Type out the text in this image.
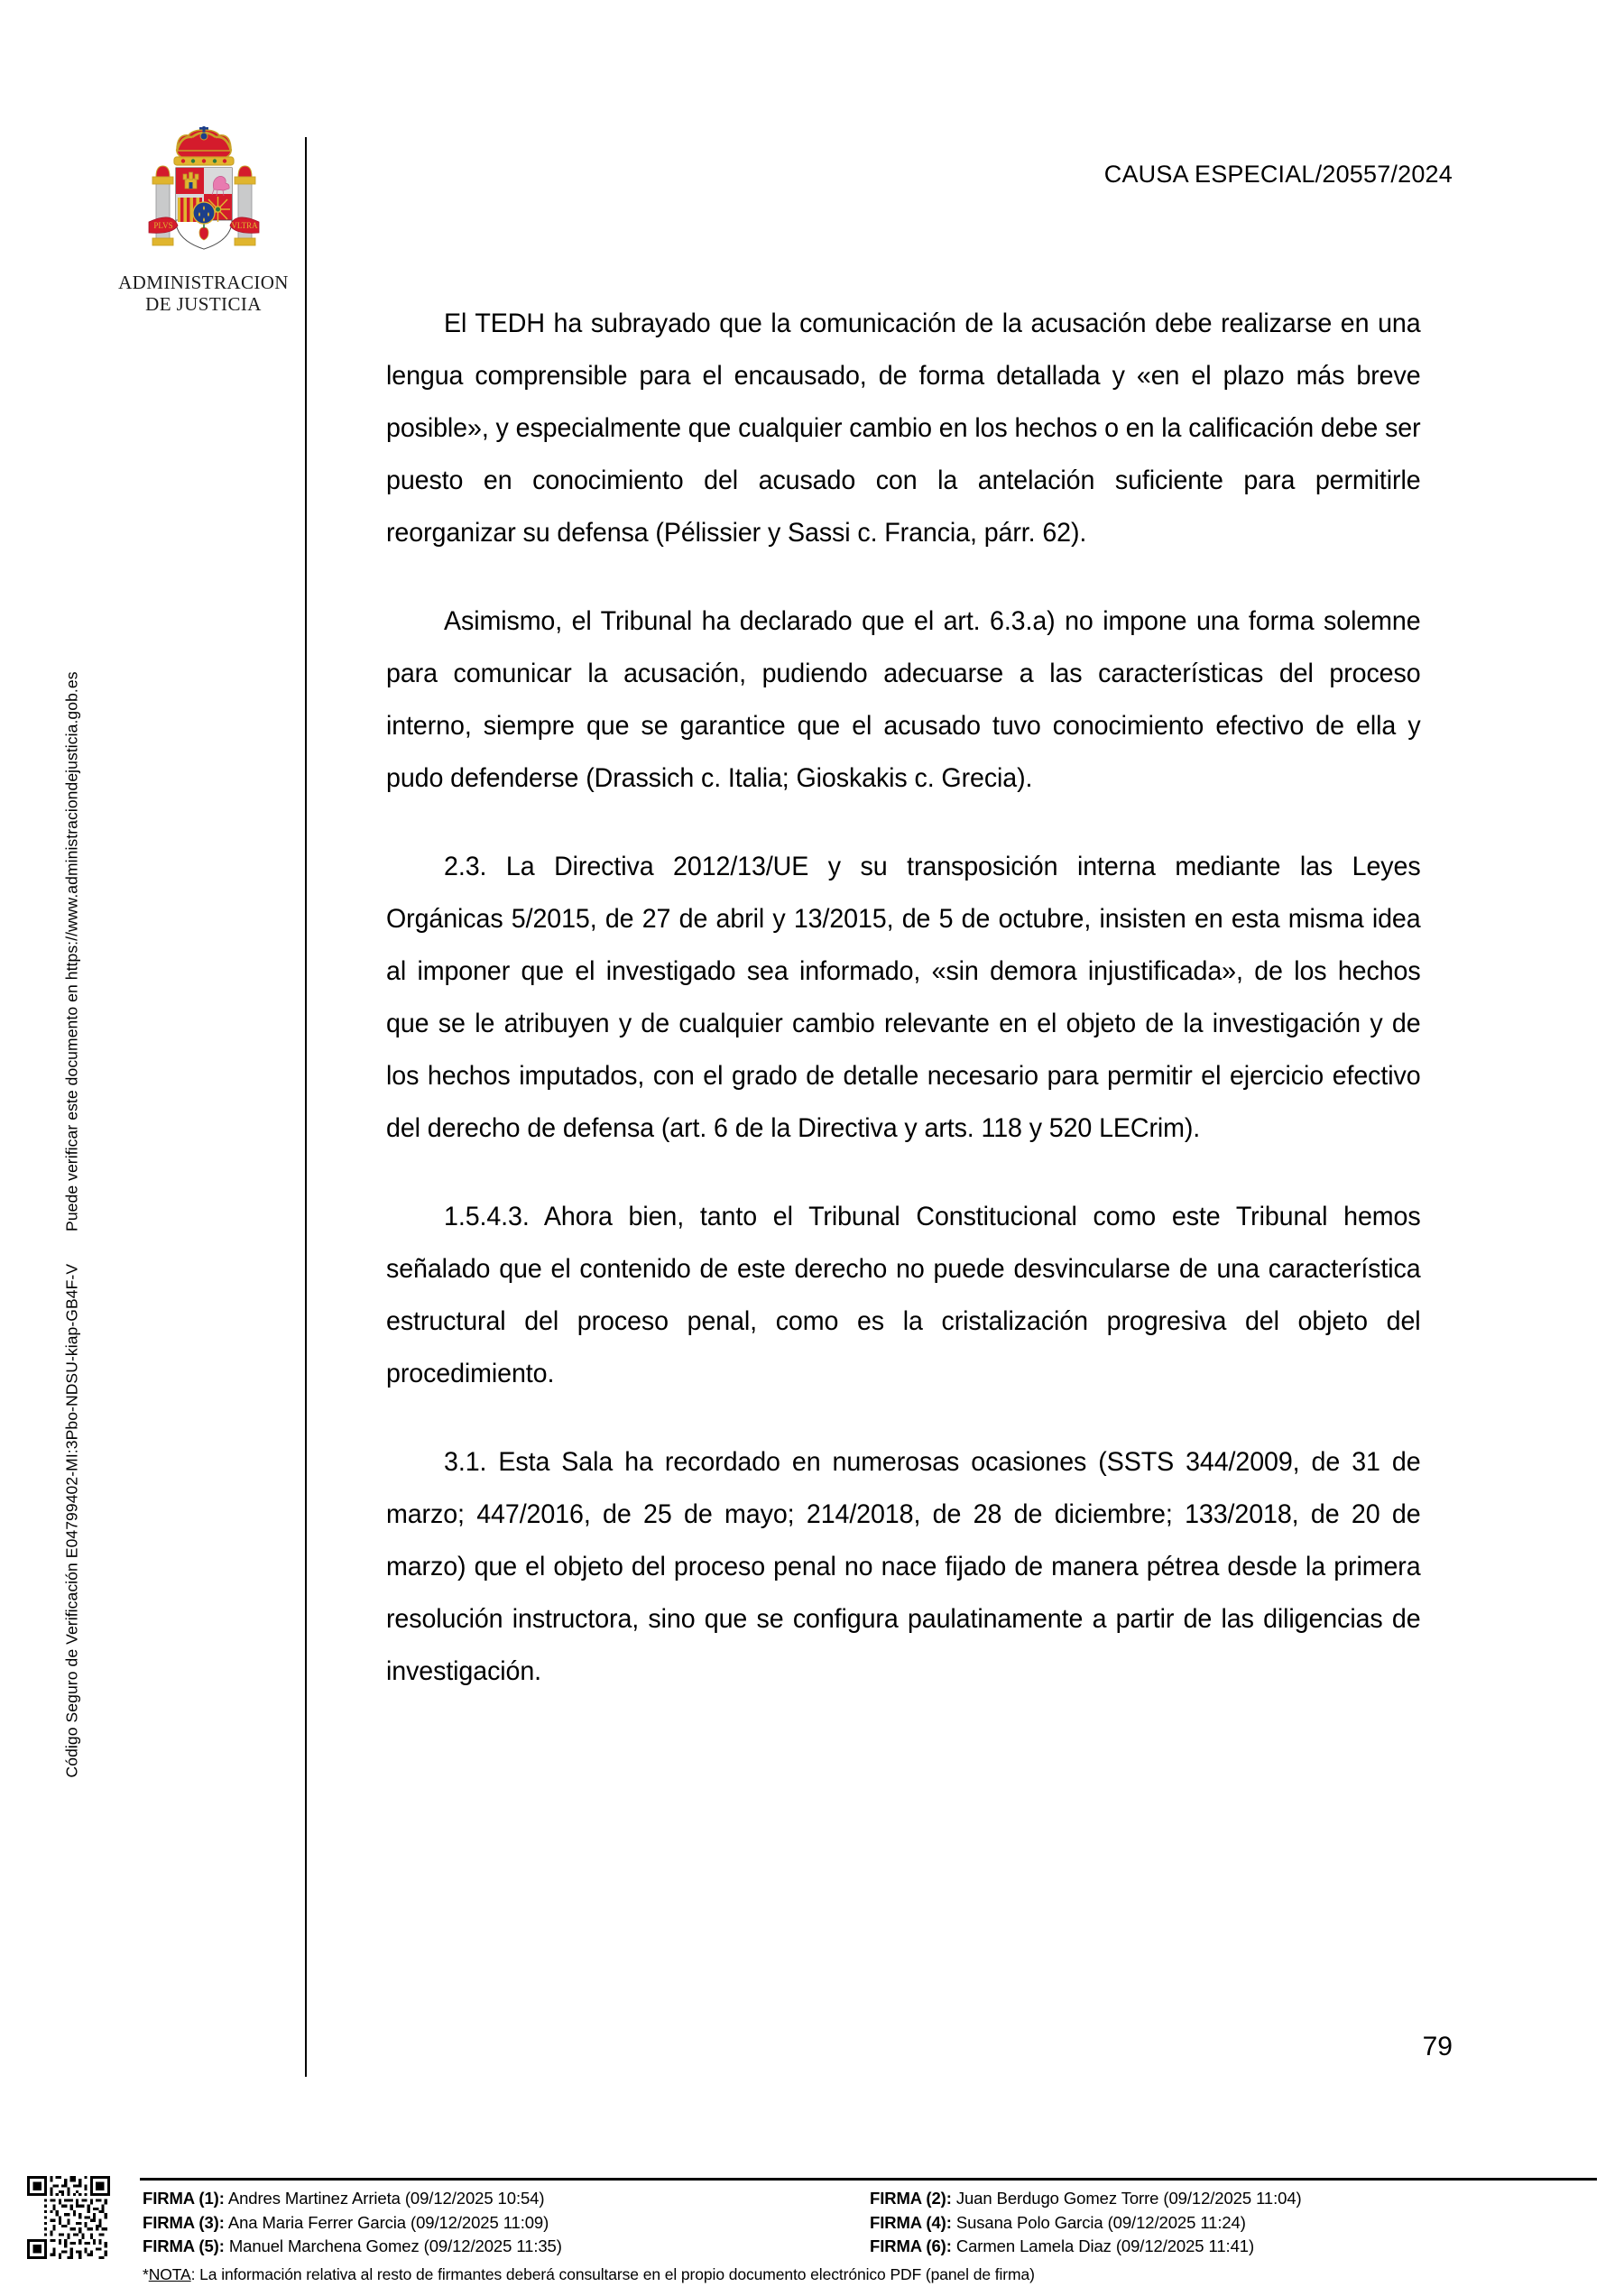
Código Seguro de Verificación E04799402-MI:3Pbo-NDSU-kiap-GB4F-V  Puede verificar este documento en https://www.administraciondejusticia.gob.es
PLVS	VLTRA
ADMINISTRACION
DE JUSTICIA
CAUSA ESPECIAL/20557/2024

El TEDH ha subrayado que la comunicación de la acusación debe realizarse en una lengua comprensible para el encausado, de forma detallada y «en el plazo más breve posible», y especialmente que cualquier cambio en los hechos o en la calificación debe ser puesto en conocimiento del acusado con la antelación suficiente para permitirle reorganizar su defensa (Pélissier y Sassi c. Francia, párr. 62).

Asimismo, el Tribunal ha declarado que el art. 6.3.a) no impone una forma solemne para comunicar la acusación, pudiendo adecuarse a las características del proceso interno, siempre que se garantice que el acusado tuvo conocimiento efectivo de ella y pudo defenderse (Drassich c. Italia; Gioskakis c. Grecia).

2.3. La Directiva 2012/13/UE y su transposición interna mediante las Leyes Orgánicas 5/2015, de 27 de abril y 13/2015, de 5 de octubre, insisten en esta misma idea al imponer que el investigado sea informado, «sin demora injustificada», de los hechos que se le atribuyen y de cualquier cambio relevante en el objeto de la investigación y de los hechos imputados, con el grado de detalle necesario para permitir el ejercicio efectivo del derecho de defensa (art. 6 de la Directiva y arts. 118 y 520 LECrim).

1.5.4.3. Ahora bien, tanto el Tribunal Constitucional como este Tribunal hemos señalado que el contenido de este derecho no puede desvincularse de una característica estructural del proceso penal, como es la cristalización progresiva del objeto del procedimiento.

3.1. Esta Sala ha recordado en numerosas ocasiones (SSTS 344/2009, de 31 de marzo; 447/2016, de 25 de mayo; 214/2018, de 28 de diciembre; 133/2018, de 20 de marzo) que el objeto del proceso penal no nace fijado de manera pétrea desde la primera resolución instructora, sino que se configura paulatinamente a partir de las diligencias de investigación.

79
FIRMA (1): Andres Martinez Arrieta (09/12/2025 10:54)
FIRMA (3): Ana Maria Ferrer Garcia (09/12/2025 11:09)
FIRMA (5): Manuel Marchena Gomez (09/12/2025 11:35)
FIRMA (2): Juan Berdugo Gomez Torre (09/12/2025 11:04)
FIRMA (4): Susana Polo Garcia (09/12/2025 11:24)
FIRMA (6): Carmen Lamela Diaz (09/12/2025 11:41)
*NOTA: La información relativa al resto de firmantes deberá consultarse en el propio documento electrónico PDF (panel de firma)
